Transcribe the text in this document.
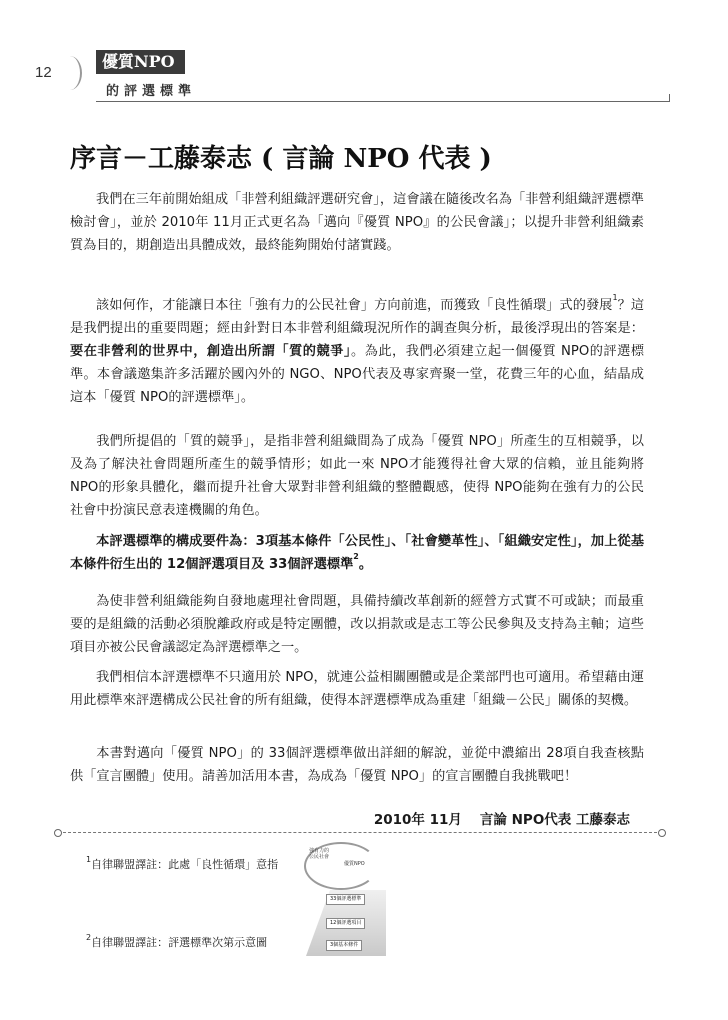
12
優質NPO
的評選標準
序言－工藤泰志 ( 言論 NPO 代表 )

我們在三年前開始組成「非營利組織評選研究會」，這會議在隨後改名為「非營利組織評選標準檢討會」，並於 2010年 11月正式更名為「邁向『優質 NPO』的公民會議」；以提升非營利組織素質為目的，期創造出具體成效，最終能夠開始付諸實踐。

該如何作，才能讓日本往「強有力的公民社會」方向前進，而獲致「良性循環」式的發展$^1$？這是我們提出的重要問題；經由針對日本非營利組織現況所作的調查與分析，最後浮現出的答案是：要在非營利的世界中，創造出所謂「質的競爭」。為此，我們必須建立起一個優質 NPO的評選標準。本會議邀集許多活躍於國內外的 NGO、NPO代表及專家齊聚一堂，花費三年的心血，結晶成這本「優質 NPO的評選標準」。

我們所提倡的「質的競爭」，是指非營利組織間為了成為「優質 NPO」所產生的互相競爭，以及為了解決社會問題所產生的競爭情形；如此一來 NPO才能獲得社會大眾的信賴，並且能夠將 NPO的形象具體化，繼而提升社會大眾對非營利組織的整體觀感，使得 NPO能夠在強有力的公民社會中扮演民意表達機關的角色。

本評選標準的構成要件為：3項基本條件「公民性」、「社會變革性」、「組織安定性」，加上從基本條件衍生出的 12個評選項目及 33個評選標準$^2$。

為使非營利組織能夠自發地處理社會問題，具備持續改革創新的經營方式實不可或缺；而最重要的是組織的活動必須脫離政府或是特定團體，改以捐款或是志工等公民參與及支持為主軸；這些項目亦被公民會議認定為評選標準之一。

我們相信本評選標準不只適用於 NPO，就連公益相關團體或是企業部門也可適用。希望藉由運用此標準來評選構成公民社會的所有組織，使得本評選標準成為重建「組織－公民」關係的契機。

本書對邁向「優質 NPO」的 33個評選標準做出詳細的解說，並從中濃縮出 28項自我查核點供「宣言團體」使用。請善加活用本書，為成為「優質 NPO」的宣言團體自我挑戰吧！

2010年 11月 言論 NPO代表 工藤泰志

$^1$自律聯盟譯註：此處「良性循環」意指

$^2$自律聯盟譯註：評選標準次第示意圖

強有力的公民社會
優質NPO
33個評選標準
12個評選項目
3個基本條件
